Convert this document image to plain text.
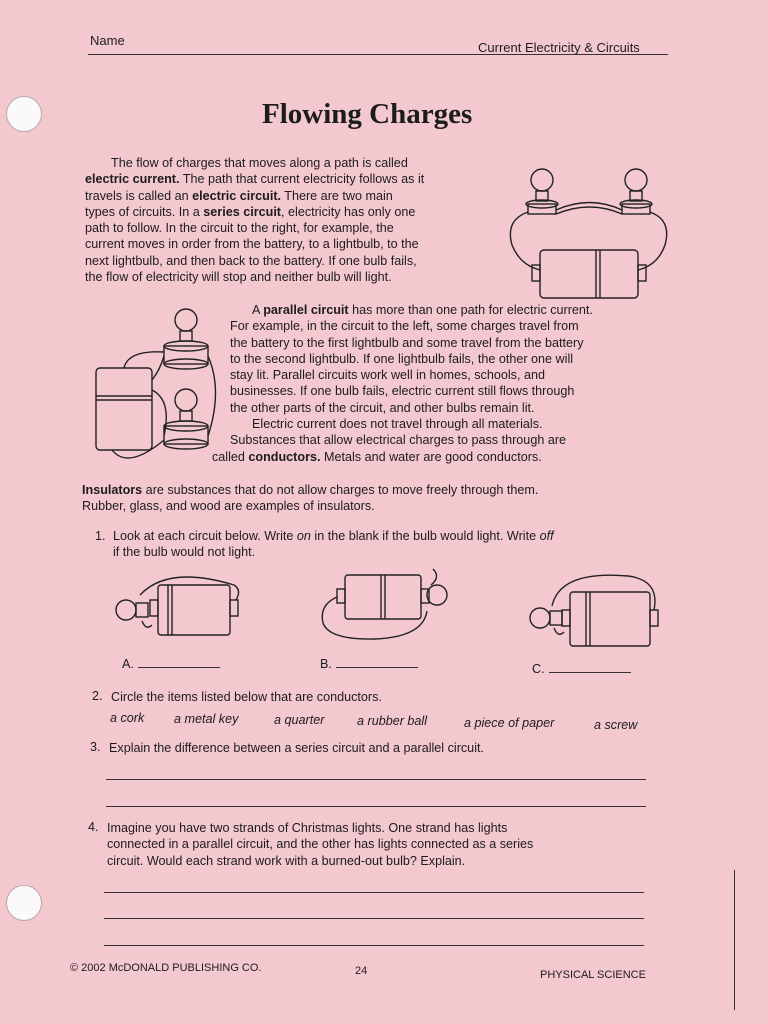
Name	Current Electricity & Circuits
Flowing Charges
The flow of charges that moves along a path is called
electric current. The path that current electricity follows as it
travels is called an electric circuit. There are two main
types of circuits. In a series circuit, electricity has only one
path to follow. In the circuit to the right, for example, the
current moves in order from the battery, to a lightbulb, to the
next lightbulb, and then back to the battery. If one bulb fails,
the flow of electricity will stop and neither bulb will light.
A parallel circuit has more than one path for electric current.
For example, in the circuit to the left, some charges travel from
the battery to the first lightbulb and some travel from the battery
to the second lightbulb. If one lightbulb fails, the other one will
stay lit. Parallel circuits work well in homes, schools, and
businesses. If one bulb fails, electric current still flows through
the other parts of the circuit, and other bulbs remain lit.
Electric current does not travel through all materials.
Substances that allow electrical charges to pass through are
called conductors. Metals and water are good conductors.
Insulators are substances that do not allow charges to move freely through them.
Rubber, glass, and wood are examples of insulators.
1. Look at each circuit below. Write on in the blank if the bulb would light. Write off
if the bulb would not light.
A.	B.	C.
2. Circle the items listed below that are conductors.
a cork a metal key	a quarter	a rubber ball	a piece of paper	a screw
3. Explain the difference between a series circuit and a parallel circuit.
4. Imagine you have two strands of Christmas lights. One strand has lights
connected in a parallel circuit, and the other has lights connected as a series
circuit. Would each strand work with a burned-out bulb? Explain.
© 2002 McDONALD PUBLISHING CO.	24	PHYSICAL SCIENCE
